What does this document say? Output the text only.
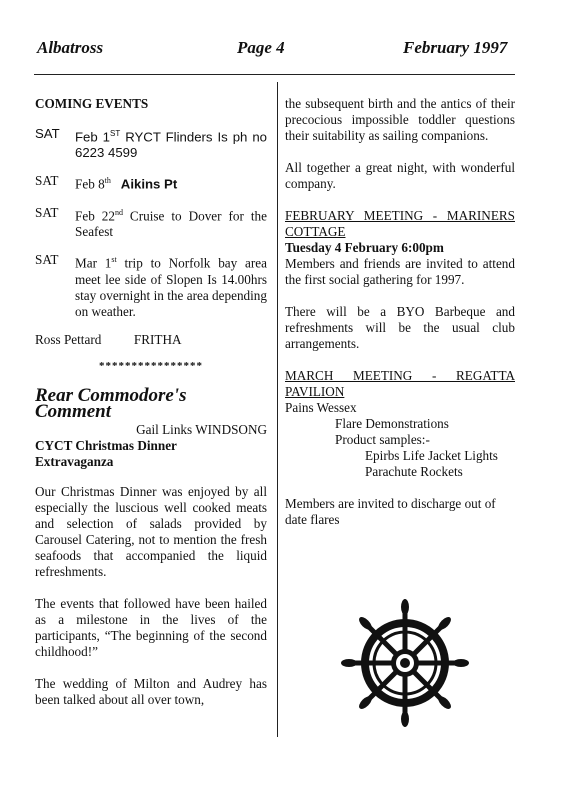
Albatross	Page 4	February 1997

COMING EVENTS

SAT	Feb 1ST RYCT Flinders Is ph no 6223 4599
SAT	Feb 8th Aikins Pt
SAT	Feb 22nd Cruise to Dover for the Seafest
SAT	Mar 1st trip to Norfolk bay area meet lee side of Slopen Is 14.00hrs stay overnight in the area depending on weather.

Ross Pettard FRITHA

****************

Rear Commodore's Comment

Gail Links WINDSONG

CYCT Christmas Dinner Extravaganza

Our Christmas Dinner was enjoyed by all especially the luscious well cooked meats and selection of salads provided by Carousel Catering, not to mention the fresh seafoods that accompanied the liquid refreshments.

The events that followed have been hailed as a milestone in the lives of the participants, “The beginning of the second childhood!”

The wedding of Milton and Audrey has been talked about all over town,

the subsequent birth and the antics of their precocious impossible toddler questions their suitability as sailing companions.

All together a great night, with wonderful company.

FEBRUARY MEETING - MARINERS COTTAGE

Tuesday 4 February 6:00pm

Members and friends are invited to attend the first social gathering for 1997.

There will be a BYO Barbeque and refreshments will be the usual club arrangements.

MARCH MEETING - REGATTA PAVILION

Pains Wessex

Flare Demonstrations

Product samples:-

Epirbs Life Jacket Lights

Parachute Rockets

Members are invited to discharge out of date flares
